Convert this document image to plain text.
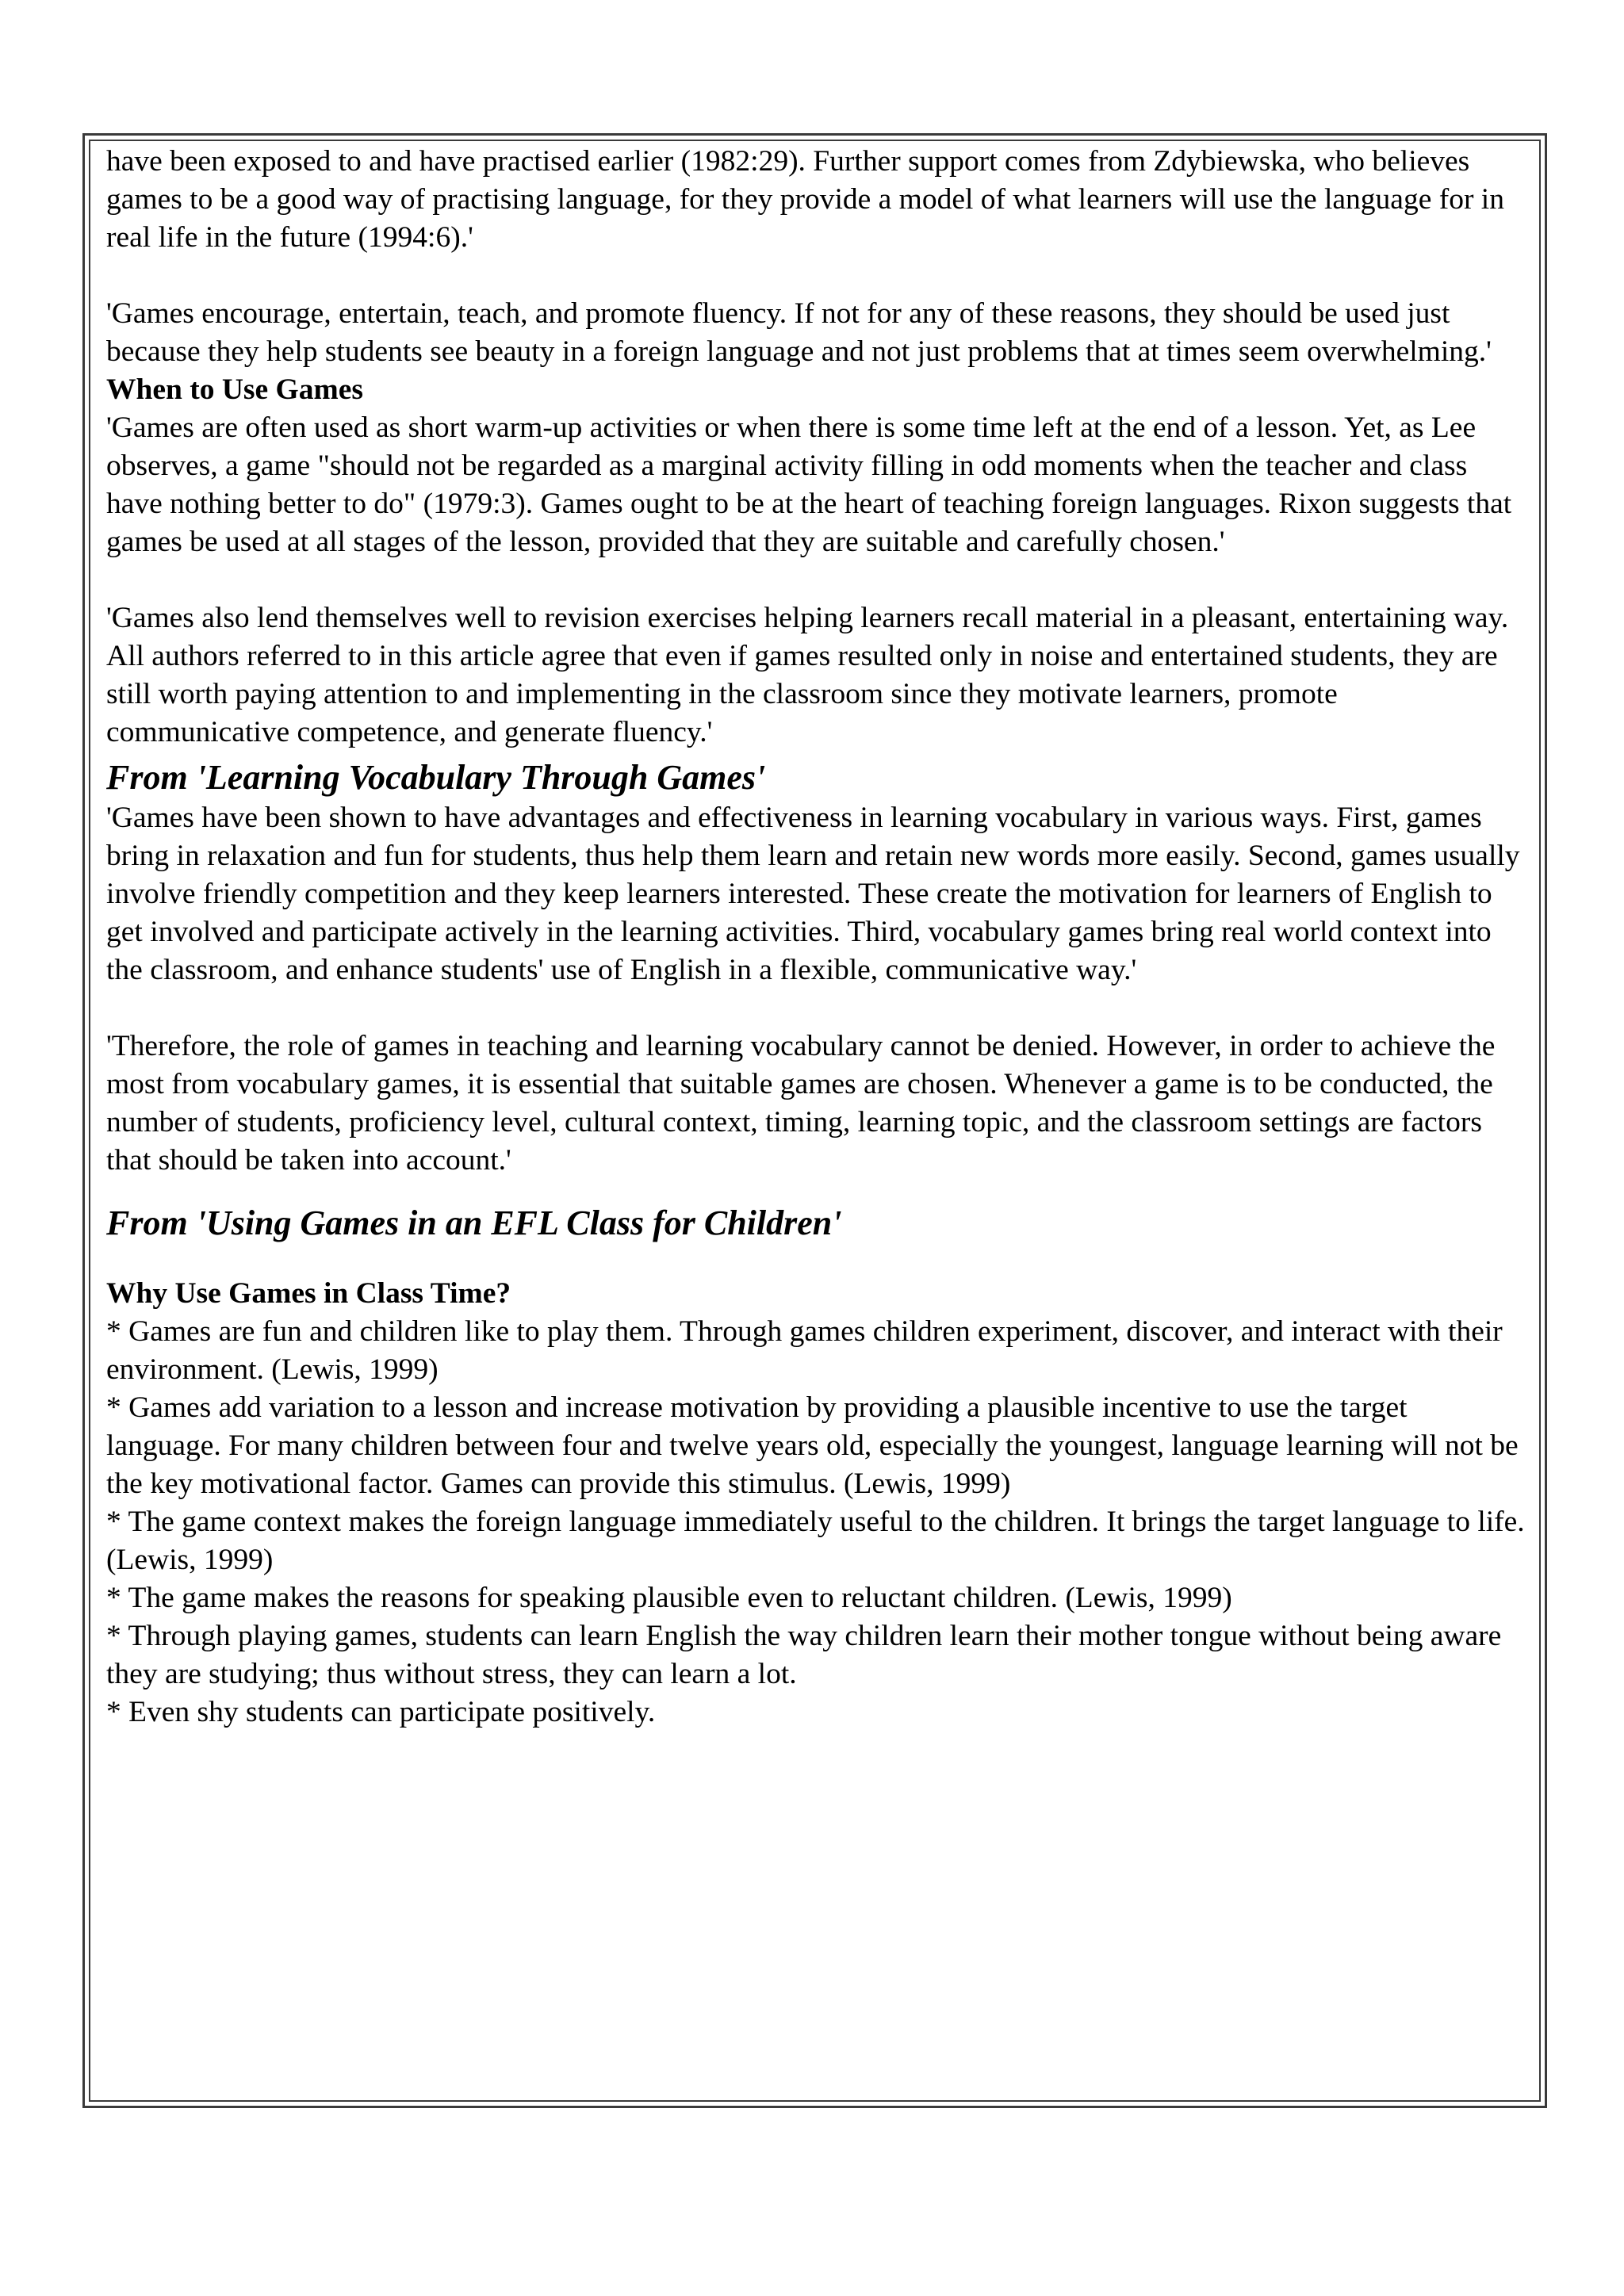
have been exposed to and have practised earlier (1982:29). Further support comes from Zdybiewska, who believes games to be a good way of practising language, for they provide a model of what learners will use the language for in real life in the future (1994:6).'

'Games encourage, entertain, teach, and promote fluency. If not for any of these reasons, they should be used just because they help students see beauty in a foreign language and not just problems that at times seem overwhelming.'

When to Use Games

'Games are often used as short warm-up activities or when there is some time left at the end of a lesson. Yet, as Lee observes, a game "should not be regarded as a marginal activity filling in odd moments when the teacher and class have nothing better to do" (1979:3). Games ought to be at the heart of teaching foreign languages. Rixon suggests that games be used at all stages of the lesson, provided that they are suitable and carefully chosen.'

'Games also lend themselves well to revision exercises helping learners recall material in a pleasant, entertaining way. All authors referred to in this article agree that even if games resulted only in noise and entertained students, they are still worth paying attention to and implementing in the classroom since they motivate learners, promote communicative competence, and generate fluency.'

From 'Learning Vocabulary Through Games'

'Games have been shown to have advantages and effectiveness in learning vocabulary in various ways. First, games bring in relaxation and fun for students, thus help them learn and retain new words more easily. Second, games usually involve friendly competition and they keep learners interested. These create the motivation for learners of English to get involved and participate actively in the learning activities. Third, vocabulary games bring real world context into the classroom, and enhance students' use of English in a flexible, communicative way.'

'Therefore, the role of games in teaching and learning vocabulary cannot be denied. However, in order to achieve the most from vocabulary games, it is essential that suitable games are chosen. Whenever a game is to be conducted, the number of students, proficiency level, cultural context, timing, learning topic, and the classroom settings are factors that should be taken into account.'

From 'Using Games in an EFL Class for Children'

Why Use Games in Class Time?

* Games are fun and children like to play them. Through games children experiment, discover, and interact with their environment. (Lewis, 1999)

* Games add variation to a lesson and increase motivation by providing a plausible incentive to use the target language. For many children between four and twelve years old, especially the youngest, language learning will not be the key motivational factor. Games can provide this stimulus. (Lewis, 1999)

* The game context makes the foreign language immediately useful to the children. It brings the target language to life. (Lewis, 1999)

* The game makes the reasons for speaking plausible even to reluctant children. (Lewis, 1999)

* Through playing games, students can learn English the way children learn their mother tongue without being aware they are studying; thus without stress, they can learn a lot.

* Even shy students can participate positively.
